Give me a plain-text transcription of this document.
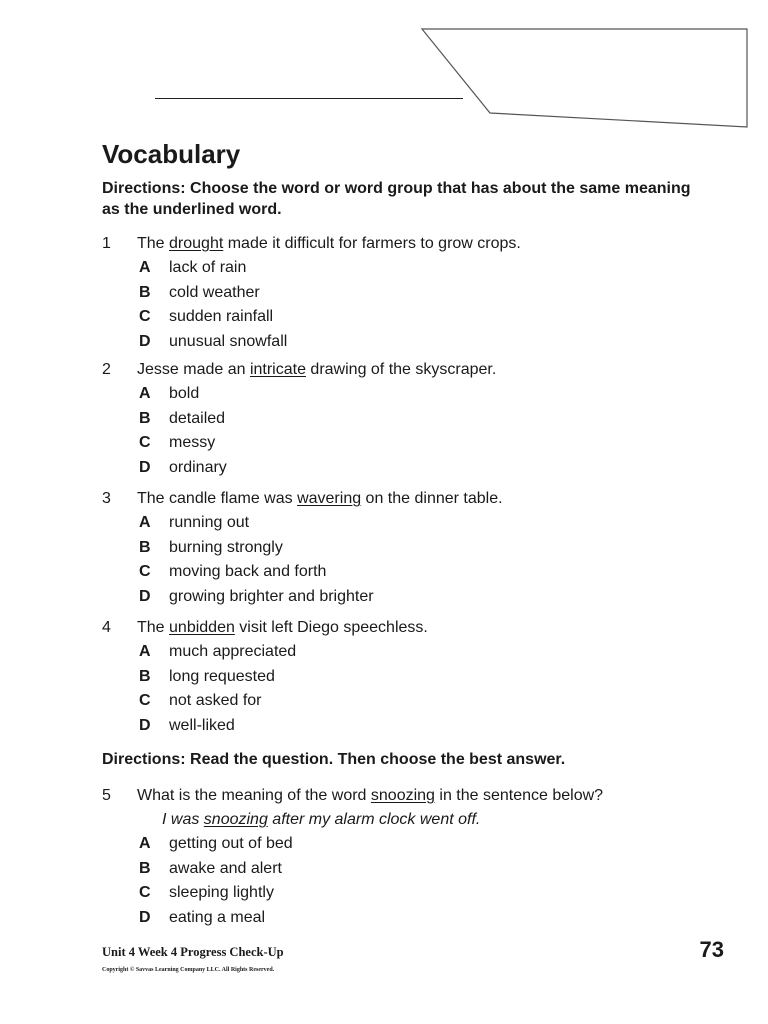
Vocabulary
Directions: Choose the word or word group that has about the same meaning as the underlined word.
1	The drought made it difficult for farmers to grow crops.
A lack of rain
B cold weather
C sudden rainfall
D unusual snowfall
2	Jesse made an intricate drawing of the skyscraper.
A bold
B detailed
C messy
D ordinary
3	The candle flame was wavering on the dinner table.
A running out
B burning strongly
C moving back and forth
D growing brighter and brighter
4	The unbidden visit left Diego speechless.
A much appreciated
B long requested
C not asked for
D well-liked
Directions: Read the question. Then choose the best answer.
5	What is the meaning of the word snoozing in the sentence below?
I was snoozing after my alarm clock went off.
A getting out of bed
B awake and alert
C sleeping lightly
D eating a meal
Unit 4 Week 4 Progress Check-Up
Copyright © Savvas Learning Company LLC. All Rights Reserved.
73
